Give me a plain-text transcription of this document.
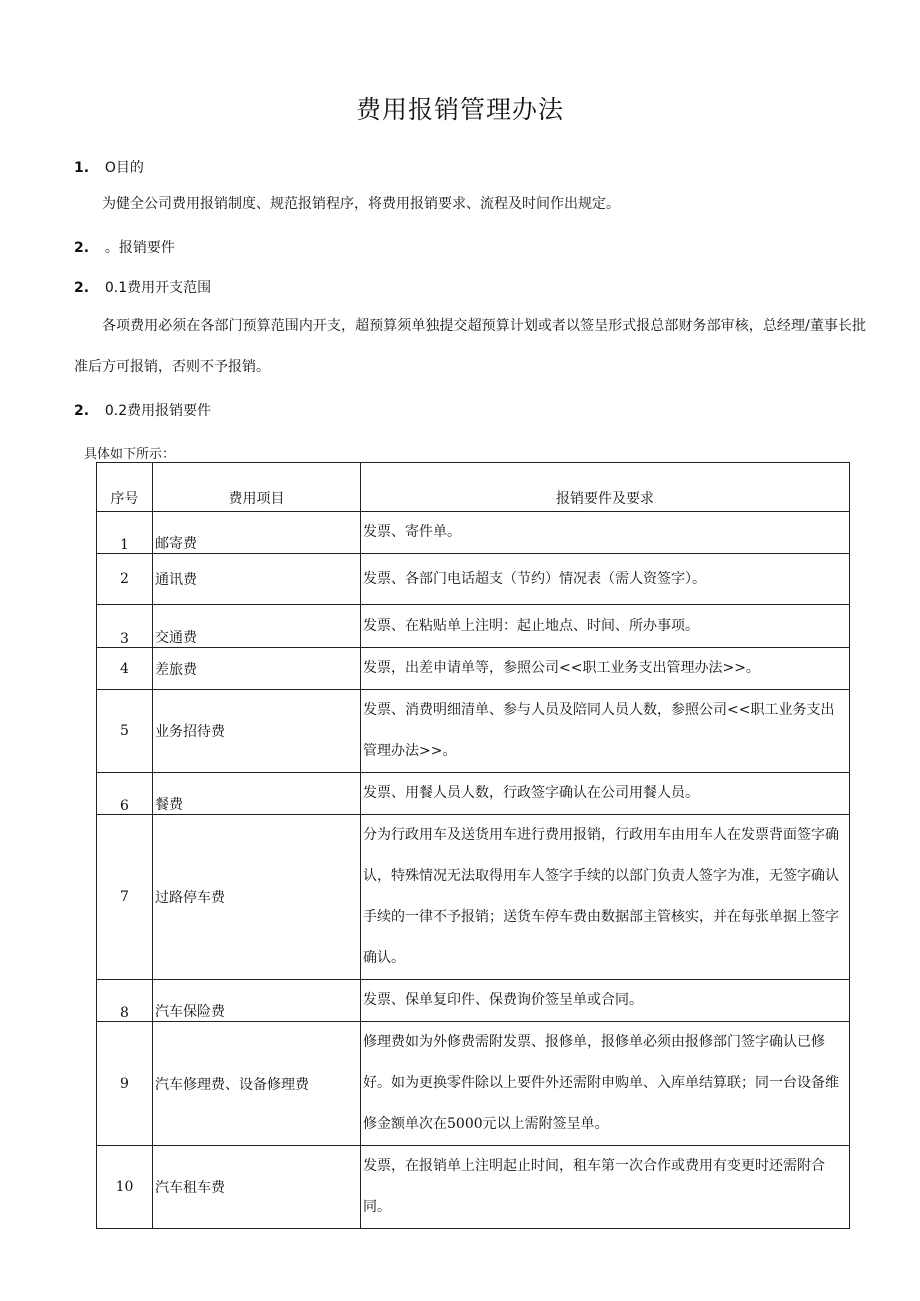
费用报销管理办法
1. O目的
为健全公司费用报销制度、规范报销程序，将费用报销要求、流程及时间作出规定。
2. 。报销要件
2. 0.1费用开支范围
各项费用必须在各部门预算范围内开支，超预算须单独提交超预算计划或者以签呈形式报总部财务部审核，总经理/董事长批准后方可报销，否则不予报销。
2. 0.2费用报销要件
具体如下所示：
序号	费用项目	报销要件及要求
1	邮寄费	发票、寄件单。
2	通讯费	发票、各部门电话超支（节约）情况表（需人资签字）。
3	交通费	发票、在粘贴单上注明：起止地点、时间、所办事项。
4	差旅费	发票，出差申请单等，参照公司<<职工业务支出管理办法>>。
5	业务招待费	发票、消费明细清单、参与人员及陪同人员人数，参照公司<<职工业务支出管理办法>>。
6	餐费	发票、用餐人员人数，行政签字确认在公司用餐人员。
7	过路停车费	分为行政用车及送货用车进行费用报销，行政用车由用车人在发票背面签字确认，特殊情况无法取得用车人签字手续的以部门负责人签字为准，无签字确认手续的一律不予报销；送货车停车费由数据部主管核实，并在每张单据上签字确认。
8	汽车保险费	发票、保单复印件、保费询价签呈单或合同。
9	汽车修理费、设备修理费	修理费如为外修费需附发票、报修单，报修单必须由报修部门签字确认已修好。如为更换零件除以上要件外还需附申购单、入库单结算联；同一台设备维修金额单次在5000元以上需附签呈单。
10	汽车租车费	发票，在报销单上注明起止时间，租车第一次合作或费用有变更时还需附合同。
